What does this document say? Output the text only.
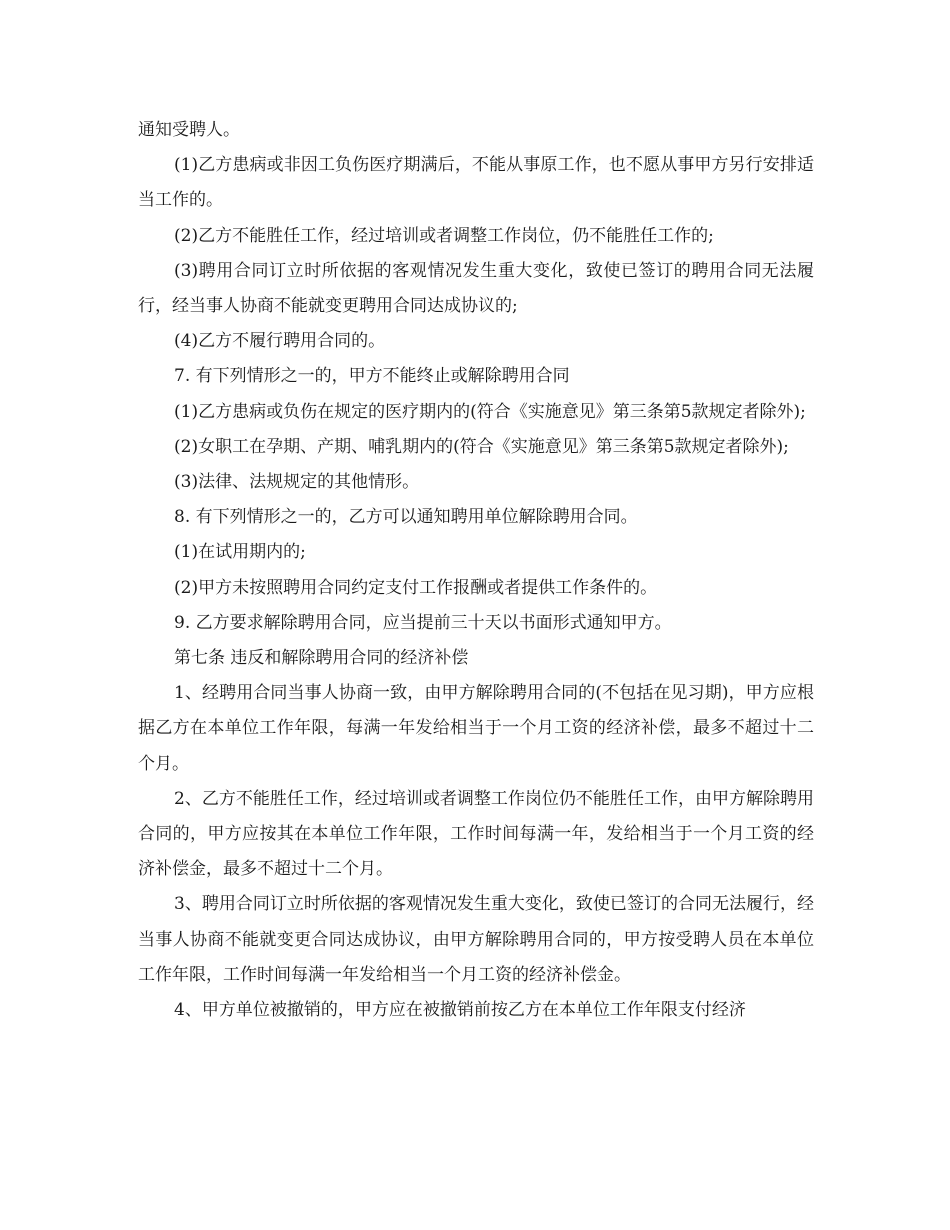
通知受聘人。

(1)乙方患病或非因工负伤医疗期满后，不能从事原工作，也不愿从事甲方另行安排适当工作的。

(2)乙方不能胜任工作，经过培训或者调整工作岗位，仍不能胜任工作的;

(3)聘用合同订立时所依据的客观情况发生重大变化，致使已签订的聘用合同无法履行，经当事人协商不能就变更聘用合同达成协议的;

(4)乙方不履行聘用合同的。

7. 有下列情形之一的，甲方不能终止或解除聘用合同

(1)乙方患病或负伤在规定的医疗期内的(符合《实施意见》第三条第5款规定者除外);

(2)女职工在孕期、产期、哺乳期内的(符合《实施意见》第三条第5款规定者除外);

(3)法律、法规规定的其他情形。

8. 有下列情形之一的，乙方可以通知聘用单位解除聘用合同。

(1)在试用期内的;

(2)甲方未按照聘用合同约定支付工作报酬或者提供工作条件的。

9. 乙方要求解除聘用合同，应当提前三十天以书面形式通知甲方。

第七条 违反和解除聘用合同的经济补偿

1、经聘用合同当事人协商一致，由甲方解除聘用合同的(不包括在见习期)，甲方应根据乙方在本单位工作年限，每满一年发给相当于一个月工资的经济补偿，最多不超过十二个月。

2、乙方不能胜任工作，经过培训或者调整工作岗位仍不能胜任工作，由甲方解除聘用合同的，甲方应按其在本单位工作年限，工作时间每满一年，发给相当于一个月工资的经济补偿金，最多不超过十二个月。

3、聘用合同订立时所依据的客观情况发生重大变化，致使已签订的合同无法履行，经当事人协商不能就变更合同达成协议，由甲方解除聘用合同的，甲方按受聘人员在本单位工作年限，工作时间每满一年发给相当一个月工资的经济补偿金。

4、甲方单位被撤销的，甲方应在被撤销前按乙方在本单位工作年限支付经济
